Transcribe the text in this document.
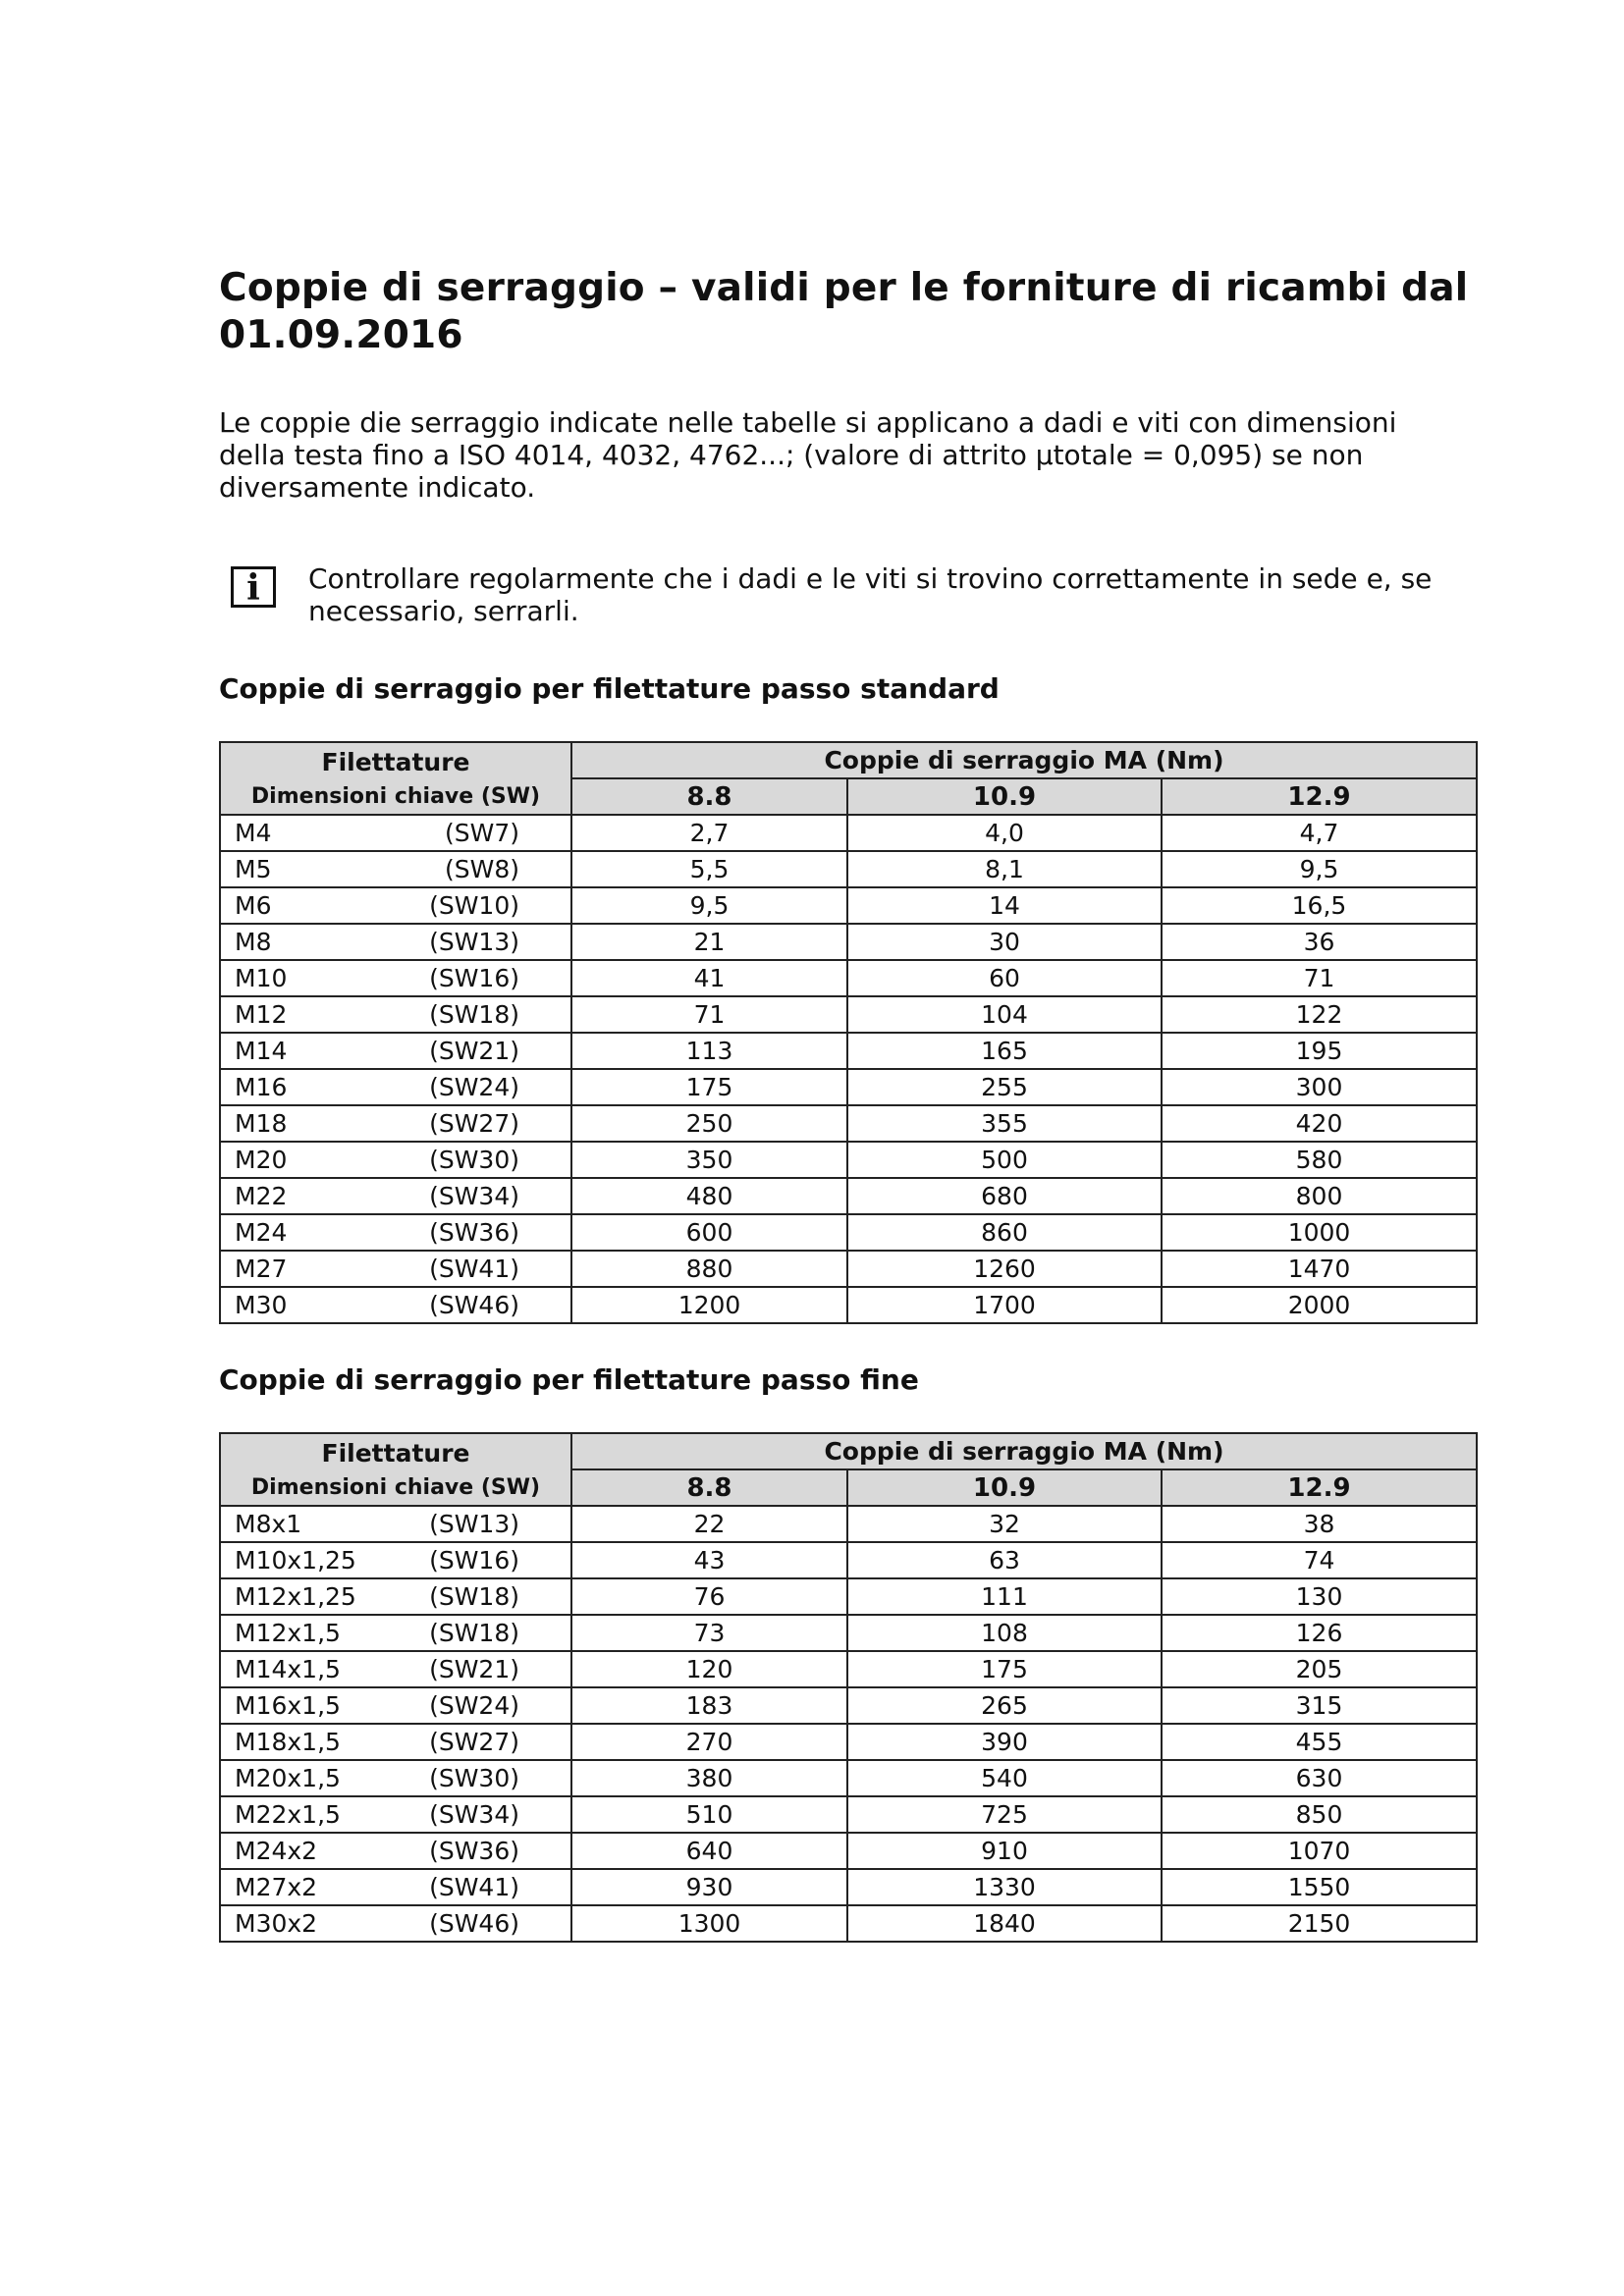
Coppie di serraggio – validi per le forniture di ricambi dal 01.09.2016

Le coppie die serraggio indicate nelle tabelle si applicano a dadi e viti con dimensioni della testa fino a ISO 4014, 4032, 4762...; (valore di attrito µtotale = 0,095) se non diversamente indicato.

i	Controllare regolarmente che i dadi e le viti si trovino correttamente in sede e, se necessario, serrarli.
Coppie di serraggio per filettature passo standard
Filettature	Coppie di serraggio MA (Nm)		
Dimensioni chiave (SW)	8.8	10.9	12.9

M4 (SW7)	2,7	4,0	4,7

M5 (SW8)	5,5	8,1	9,5

M6 (SW10)	9,5	14	16,5

M8 (SW13)	21	30	36

M10 (SW16)	41	60	71

M12 (SW18)	71	104	122

M14 (SW21)	113	165	195

M16 (SW24)	175	255	300

M18 (SW27)	250	355	420

M20 (SW30)	350	500	580

M22 (SW34)	480	680	800

M24 (SW36)	600	860	1000

M27 (SW41)	880	1260	1470

M30 (SW46)	1200	1700	2000
Coppie di serraggio per filettature passo fine
Filettature	Coppie di serraggio MA (Nm)		
Dimensioni chiave (SW)	8.8	10.9	12.9

M8x1 (SW13)	22	32	38

M10x1,25 (SW16)	43	63	74

M12x1,25 (SW18)	76	111	130

M12x1,5 (SW18)	73	108	126

M14x1,5 (SW21)	120	175	205

M16x1,5 (SW24)	183	265	315

M18x1,5 (SW27)	270	390	455

M20x1,5 (SW30)	380	540	630

M22x1,5 (SW34)	510	725	850

M24x2 (SW36)	640	910	1070

M27x2 (SW41)	930	1330	1550

M30x2 (SW46)	1300	1840	2150
